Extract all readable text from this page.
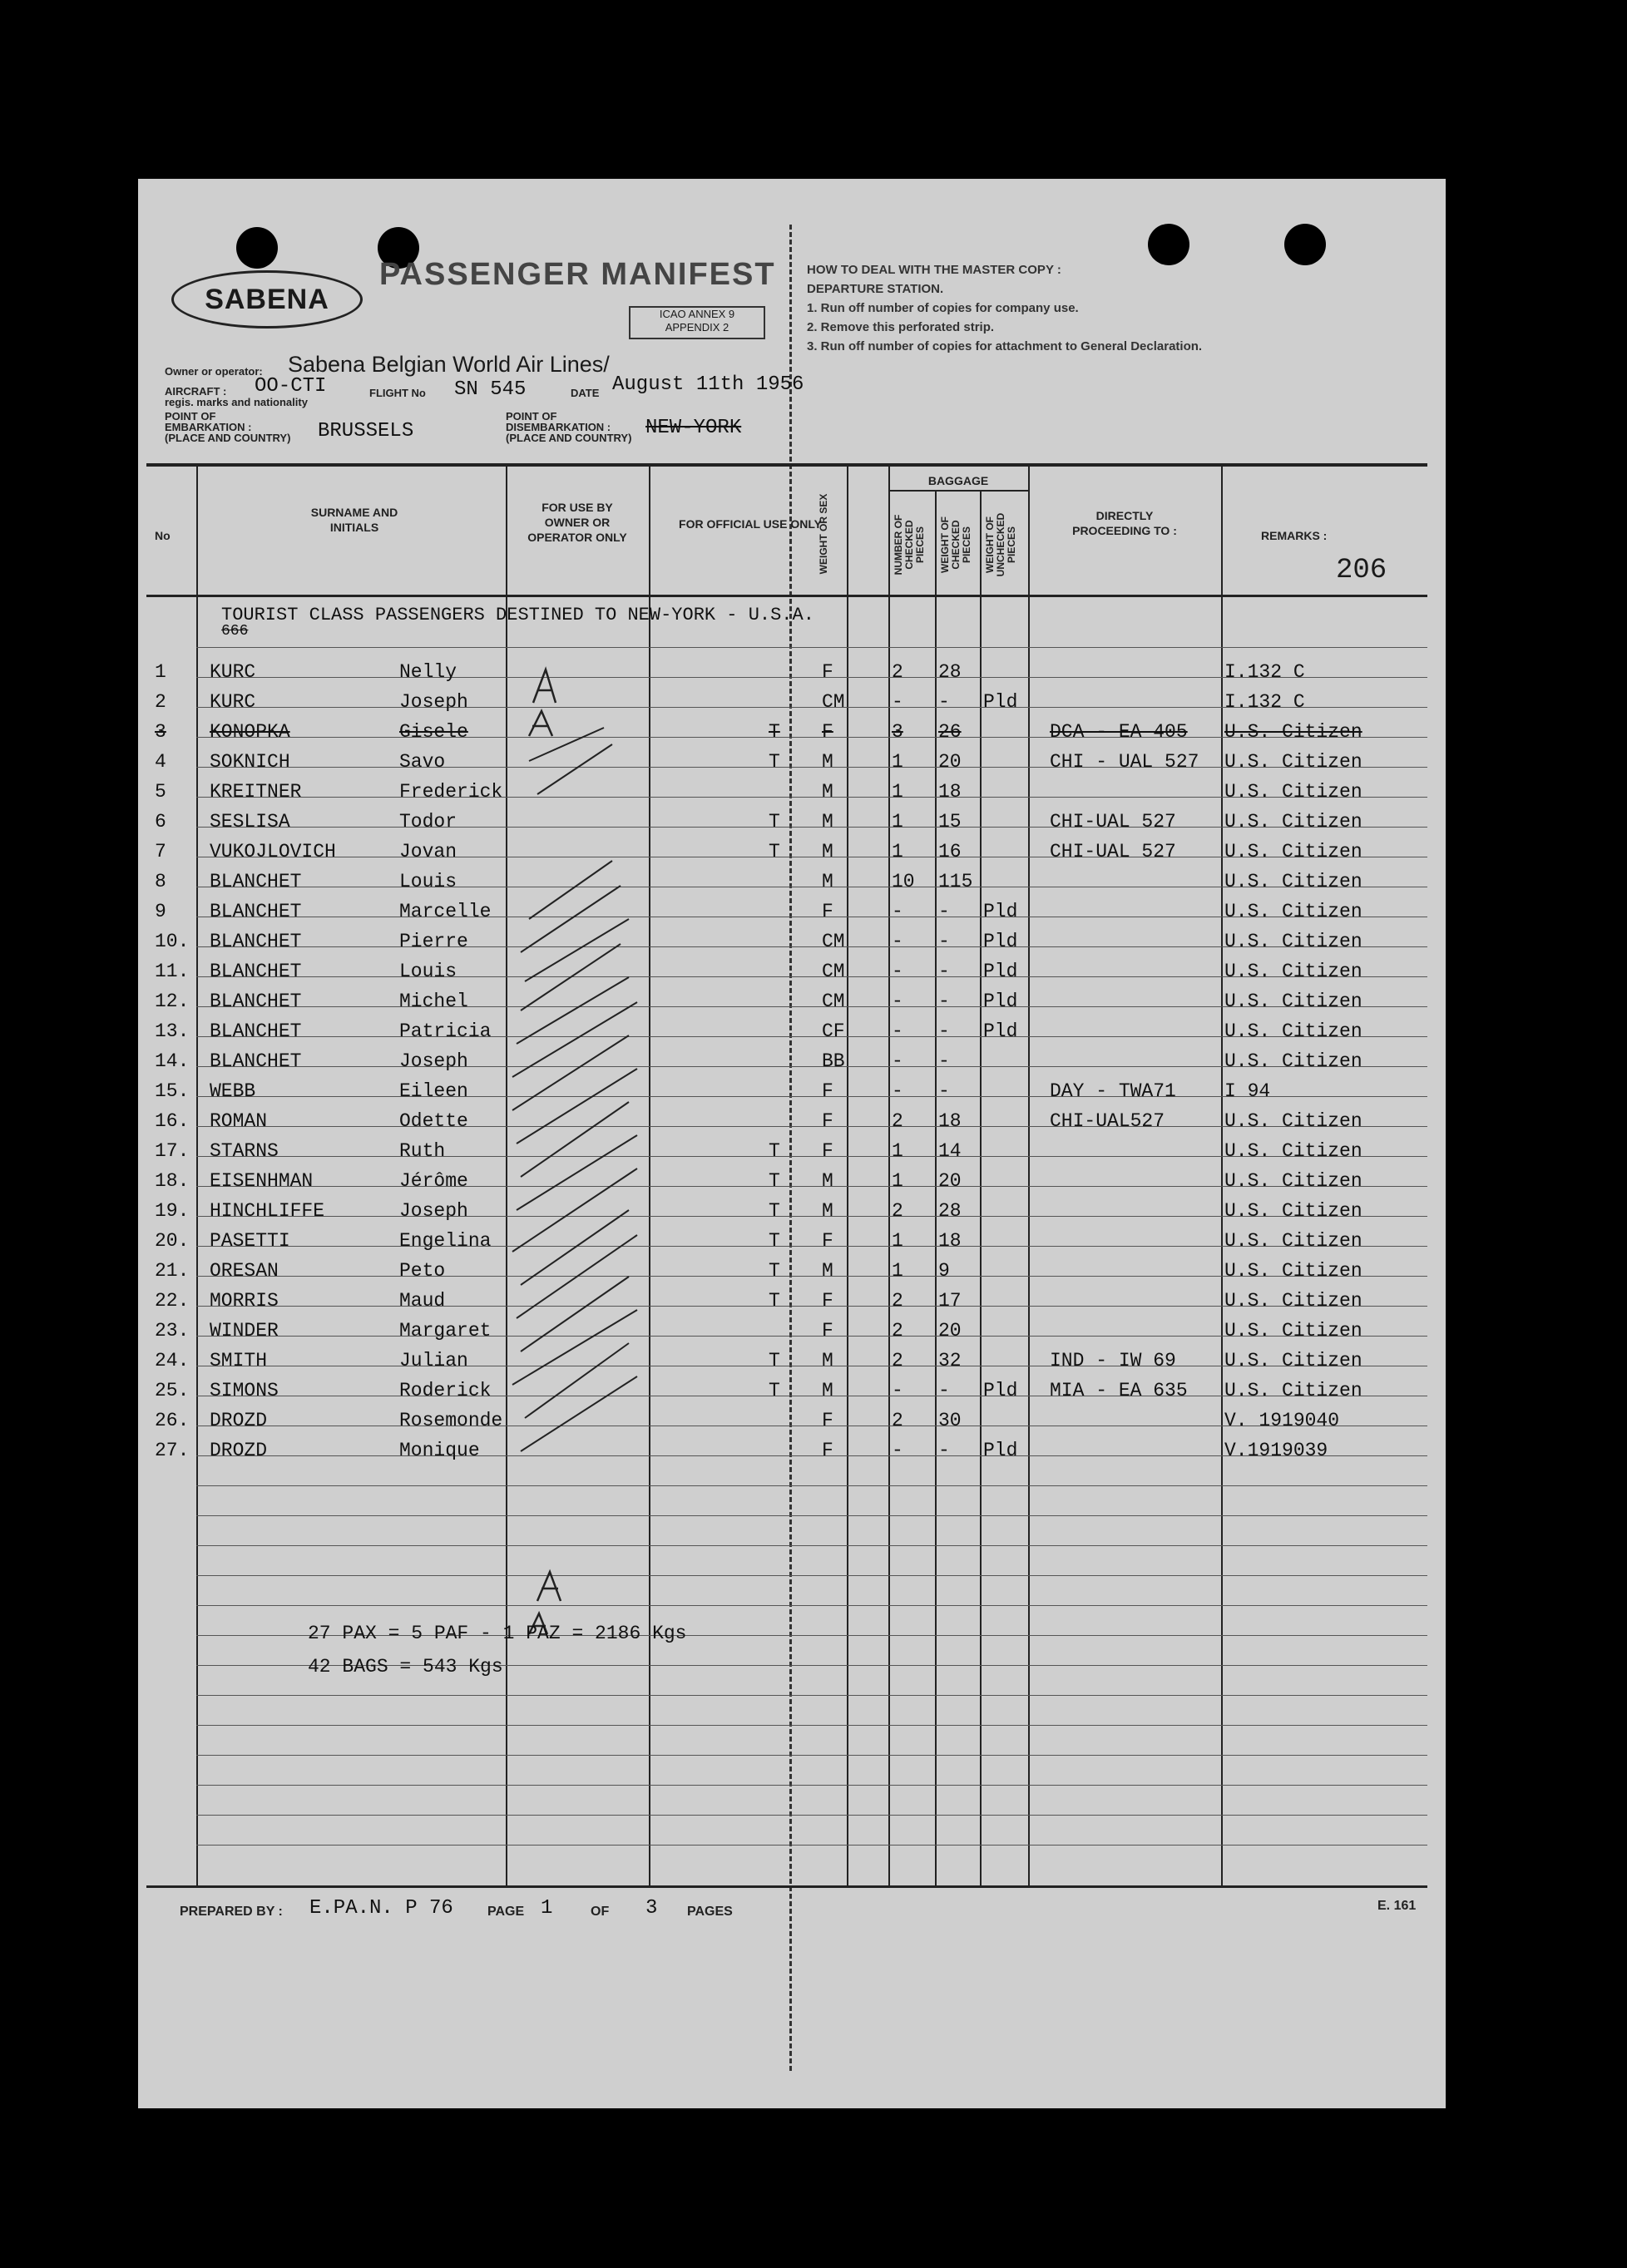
SABENA
PASSENGER MANIFEST
ICAO ANNEX 9
APPENDIX 2
HOW TO DEAL WITH THE MASTER COPY :
DEPARTURE STATION.
1. Run off number of copies for company use.
2. Remove this perforated strip.
3. Run off number of copies for attachment to General Declaration.
Owner or operator: Sabena Belgian World Air Lines/
AIRCRAFT :
regis. marks and nationality
OO-CTI	FLIGHT No SN 545	DATE August 11th 1956
POINT OF
EMBARKATION :
(PLACE AND COUNTRY) BRUSSELS
POINT OF
DISEMBARKATION :
(PLACE AND COUNTRY) NEW-YORK
No
SURNAME AND INITIALS
FOR USE BY OWNER OR OPERATOR ONLY
FOR OFFICIAL USE ONLY
WEIGHT OR SEX
BAGGAGE
NUMBER OF CHECKED PIECES WEIGHT OF CHECKED PIECES WEIGHT OF UNCHECKED PIECES
DIRECTLY PROCEEDING TO :	REMARKS :
206
TOURIST CLASS PASSENGERS DESTINED TO NEW-YORK - U.S.A.
666
1 KURC	Nelly	F	2 28	I.132 C
2 KURC	Joseph	CM - - Pld	I.132 C
3 KONOPKA	Gisele	T F	3 26	DCA - EA 405 U.S. Citizen
4 SOKNICH	Savo	T M	1 20	CHI - UAL 527 U.S. Citizen
5 KREITNER	Frederick	M	1 18	U.S. Citizen
6 SESLISA	Todor	T M	1 15	CHI-UAL 527	U.S. Citizen
7 VUKOJLOVICH	Jovan	T M	1 16	CHI-UAL 527	U.S. Citizen
8 BLANCHET	Louis	M	10 115	U.S. Citizen
9 BLANCHET	Marcelle	F	- - Pld	U.S. Citizen
10. BLANCHET	Pierre	CM - - Pld	U.S. Citizen
11. BLANCHET	Louis	CM - - Pld	U.S. Citizen
12. BLANCHET	Michel	CM - - Pld	U.S. Citizen
13. BLANCHET	Patricia	CF - - Pld	U.S. Citizen
14. BLANCHET	Joseph	BB - -	U.S. Citizen
15. WEBB	Eileen	F	- -	DAY - TWA71	I 94
16. ROMAN	Odette	F	2 18	CHI-UAL527	U.S. Citizen
17. STARNS	Ruth	T F	1 14	U.S. Citizen
18. EISENHMAN	Jérôme	T M	1 20	U.S. Citizen
19. HINCHLIFFE	Joseph	T M	2 28	U.S. Citizen
20. PASETTI	Engelina	T F	1 18	U.S. Citizen
21. ORESAN	Peto	T M	1 9	U.S. Citizen
22. MORRIS	Maud	T F	2 17	U.S. Citizen
23. WINDER	Margaret	F	2 20	U.S. Citizen
24. SMITH	Julian	T M	2 32	IND - IW 69	U.S. Citizen
25. SIMONS	Roderick	T M	- - Pld MIA - EA 635 U.S. Citizen
26. DROZD	Rosemonde	F	2 30	V. 1919040
27. DROZD	Monique	F	- - Pld	V.1919039
27 PAX = 5 PAF - 1 PAZ = 2186 Kgs
42 BAGS = 543 Kgs
PREPARED BY : E.PA.N. P 76	PAGE 1	OF 3 PAGES	E. 161
